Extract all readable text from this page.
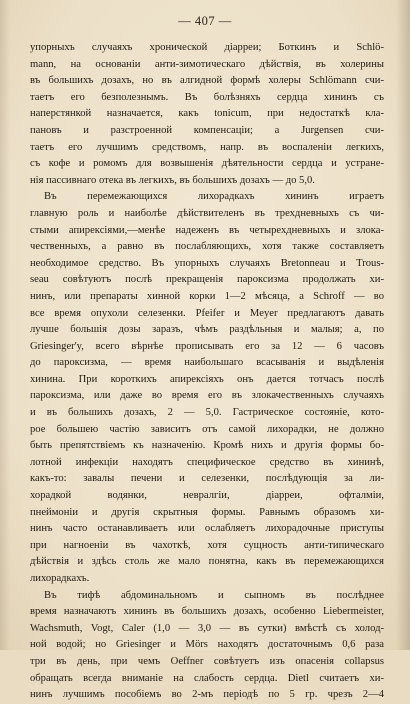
— 407 —
упорныхъ случаяхъ хронической діарреи; Боткинъ и Schlö-
mann, на основаніи анти-зимотическаго дѣйствія, въ холерины
въ большихъ дозахъ, но въ алгидной формѣ холеры Schlömann счи-
таетъ его безполезнымъ. Въ болѣзняхъ сердца хининъ съ
наперстянкой назначается, какъ tonicum, при недостаткѣ кла-
пановъ и разстроенной компенсаціи; a Jurgensen счи-
таетъ его лучшимъ средствомъ, напр. въ воспаленіи легкихъ,
съ кофе и ромомъ для возвышенія дѣятельности сердца и устране-
нія пассивнаго отека въ легкихъ, въ большихъ дозахъ — до 5,0.
Въ перемежающихся лихорадкахъ хининъ играетъ
главную роль и наиболѣе дѣйствителенъ въ трехдневныхъ съ чи-
стыми апирексіями,—менѣе надеженъ въ четырехдневныхъ и злока-
чественныхъ, а равно въ послабляющихъ, хотя также составляетъ
необходимое средство. Въ упорныхъ случаяхъ Bretonneau и Trous-
seau совѣтуютъ послѣ прекращенія пароксизма продолжать хи-
нинъ, или препараты хинной корки 1—2 мѣсяца, а Schroff — во
все время опухоли селезенки. Pfeifer и Meyer предлагаютъ давать
лучше большія дозы заразъ, чѣмъ раздѣльныя и малыя; а, по
Griesinger'y, всего вѣрнѣе прописывать его за 12 — 6 часовъ
до пароксизма, — время наибольшаго всасыванія и выдѣленія
хинина. При короткихъ апирексіяхъ онъ дается тотчасъ послѣ
пароксизма, или даже во время его въ злокачественныхъ случаяхъ
и въ большихъ дозахъ, 2 — 5,0. Гастрическое состояніе, кото-
рое большею частію зависитъ отъ самой лихорадки, не должно
быть препятствіемъ къ назначенію. Кромѣ нихъ и другія формы бо-
лотной инфекціи находятъ специфическое средство въ хининѣ,
какъ-то: завалы печени и селезенки, послѣдующія за ли-
хорадкой водянки, невралгіи, діарреи, офталміи,
пнеймоніи и другія скрытныя формы. Равнымъ образомъ хи-
нинъ часто останавливаетъ или ослабляетъ лихорадочные приступы
при нагноеніи въ чахоткѣ, хотя сущность анти-типическаго
дѣйствія и здѣсь столь же мало понятна, какъ въ перемежающихся
лихорадкахъ.
Въ тифѣ абдоминальномъ и сыпномъ въ послѣднее
время назначаютъ хининъ въ большихъ дозахъ, особенно Liebermeister,
Wachsmuth, Vogt, Caler (1,0 — 3,0 — въ сутки) вмѣстѣ съ холод-
ной водой; но Griesinger и Mörs находятъ достаточнымъ 0,6 раза
три въ день, при чемъ Oeffner совѣтуетъ изъ опасенія collapsus
обращать всегда вниманіе на слабость сердца. Dietl считаетъ хи-
нинъ лучшимъ пособіемъ во 2-мъ періодѣ по 5 гр. чрезъ 2—4
